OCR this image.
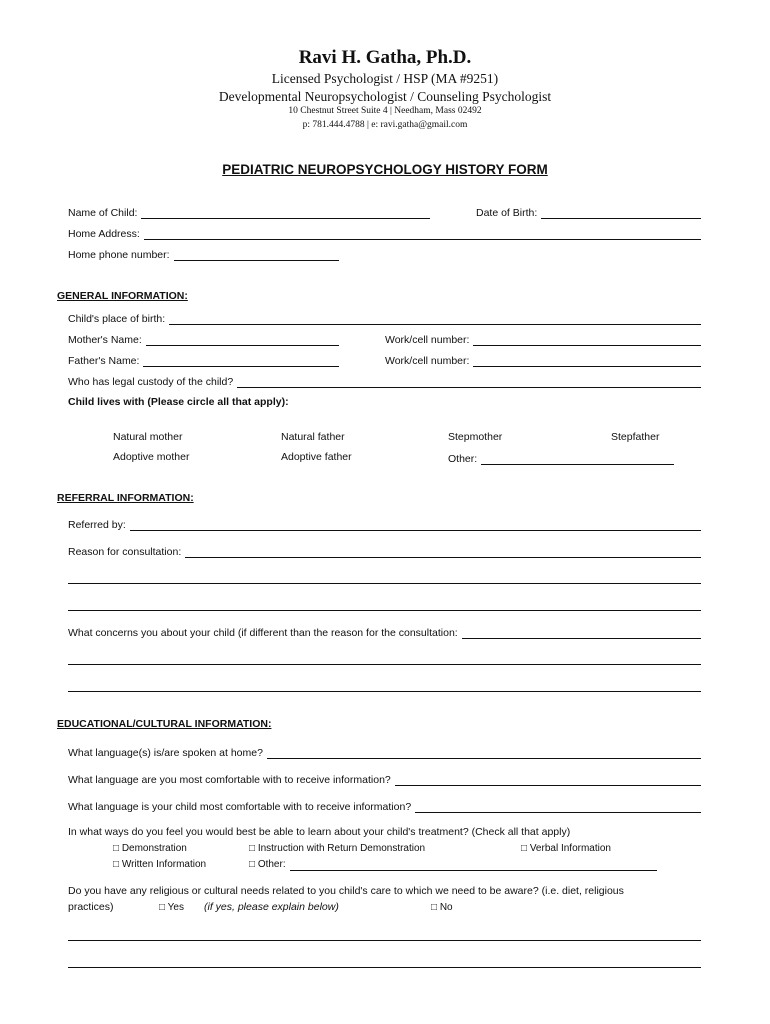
Ravi H. Gatha, Ph.D.
Licensed Psychologist / HSP (MA #9251)
Developmental Neuropsychologist / Counseling Psychologist
10 Chestnut Street Suite 4 | Needham, Mass 02492
p: 781.444.4788 | e: ravi.gatha@gmail.com
PEDIATRIC NEUROPSYCHOLOGY HISTORY FORM
Name of Child:	Date of Birth:
Home Address:
Home phone number:
GENERAL INFORMATION:
Child's place of birth:
Mother's Name:	Work/cell number:
Father's Name:	Work/cell number:
Who has legal custody of the child?
Child lives with (Please circle all that apply):
Natural mother	Natural father	Stepmother	Stepfather
Adoptive mother	Adoptive father	Other:
REFERRAL INFORMATION:
Referred by:
Reason for consultation:
What concerns you about your child (if different than the reason for the consultation:
EDUCATIONAL/CULTURAL INFORMATION:
What language(s) is/are spoken at home?
What language are you most comfortable with to receive information?
What language is your child most comfortable with to receive information?
In what ways do you feel you would best be able to learn about your child's treatment? (Check all that apply)
□ Demonstration	□ Instruction with Return Demonstration	□ Verbal Information
□ Written Information	□ Other:
Do you have any religious or cultural needs related to you child's care to which we need to be aware? (i.e. diet, religious
practices)	□ Yes (if yes, please explain below)	□ No
